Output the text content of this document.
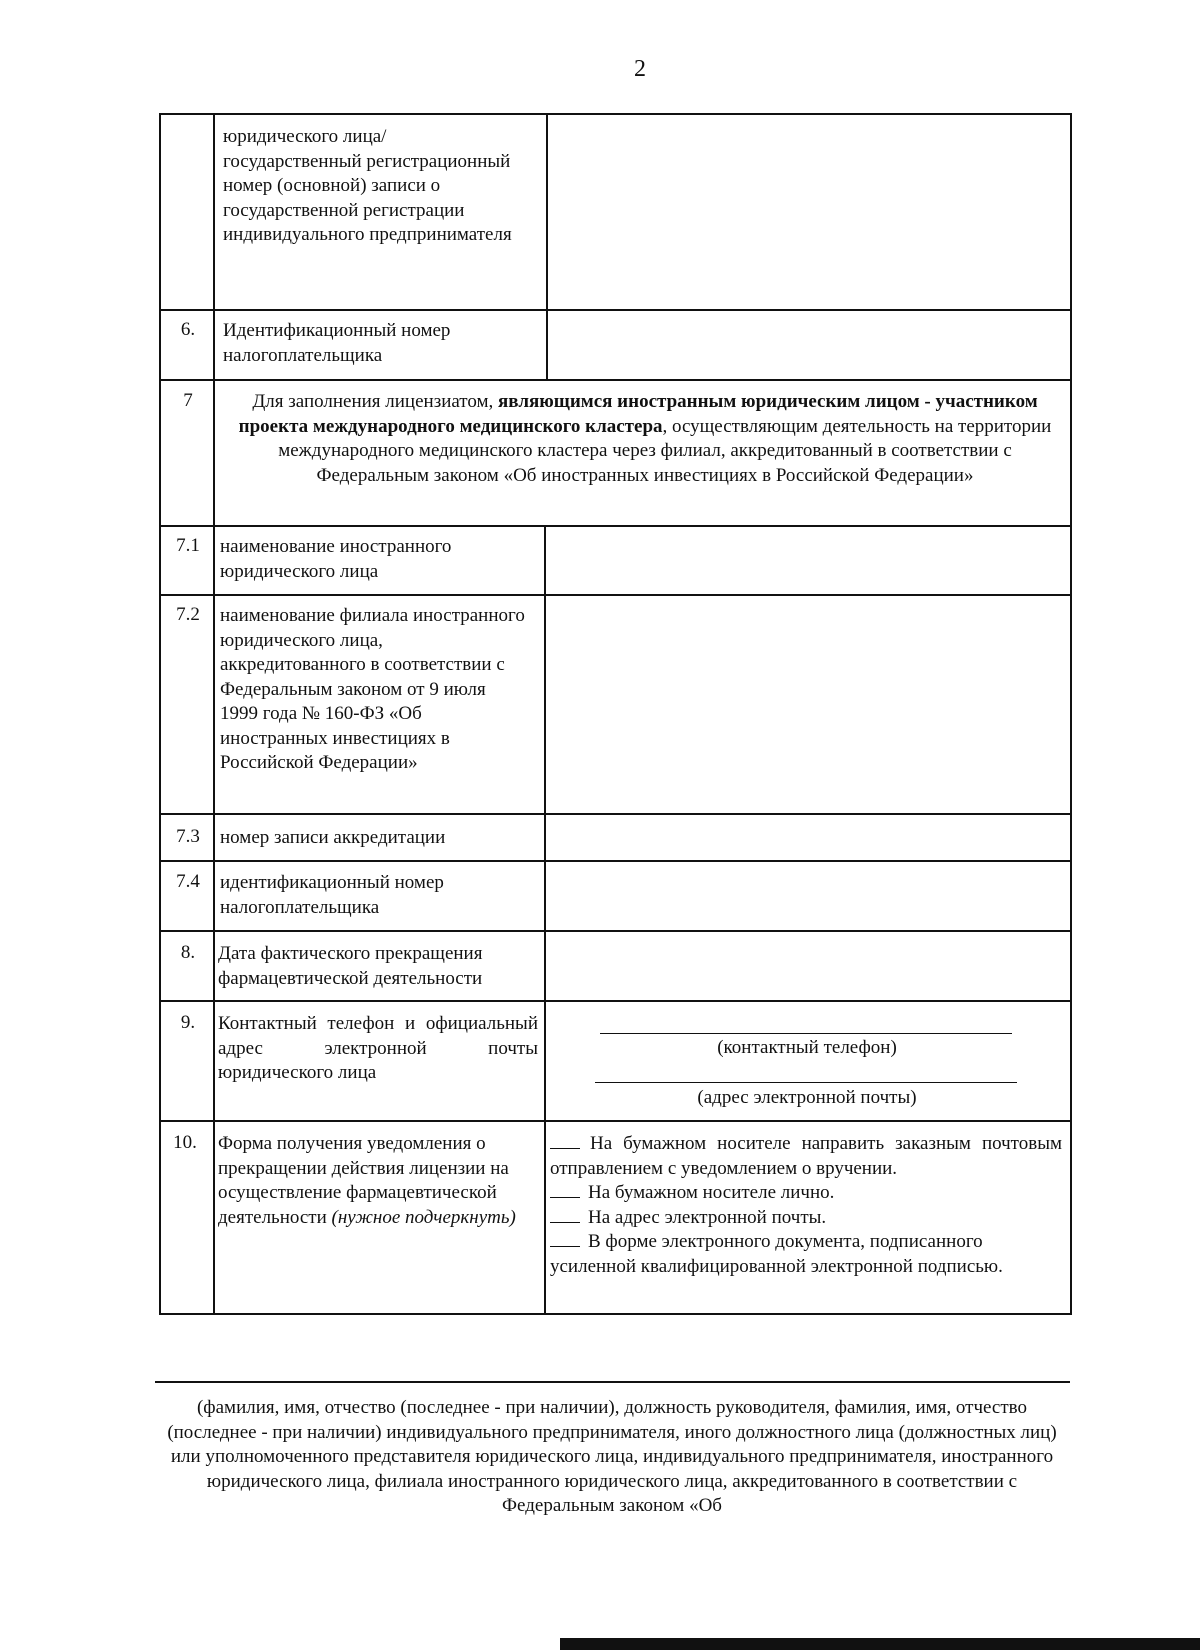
2
юридического лица/государственный регистрационный номер (основной) записи о государственной регистрации индивидуального предпринимателя
6.	Идентификационный номер налогоплательщика
7	Для заполнения лицензиатом, являющимся иностранным юридическим лицом - участником проекта международного медицинского кластера, осуществляющим деятельность на территории международного медицинского кластера через филиал, аккредитованный в соответствии с Федеральным законом «Об иностранных инвестициях в Российской Федерации»
7.1	наименование иностранного юридического лица
7.2	наименование филиала иностранного юридического лица, аккредитованного в соответствии с Федеральным законом от 9 июля 1999 года № 160-ФЗ «Об иностранных инвестициях в Российской Федерации»
7.3	номер записи аккредитации
7.4	идентификационный номер налогоплательщика
8.	Дата фактического прекращения фармацевтической деятельности
9.	Контактный телефон и официальный адрес электронной почты юридического лица
(контактный телефон)
(адрес электронной почты)
10.	Форма получения уведомления о прекращении действия лицензии на осуществление фармацевтической деятельности (нужное подчеркнуть)
На бумажном носителе направить заказным почтовым отправлением с уведомлением о вручении.
На бумажном носителе лично.
На адрес электронной почты.
В форме электронного документа, подписанного усиленной квалифицированной электронной подписью.
(фамилия, имя, отчество (последнее - при наличии), должность руководителя, фамилия, имя, отчество (последнее - при наличии) индивидуального предпринимателя, иного должностного лица (должностных лиц) или уполномоченного представителя юридического лица, индивидуального предпринимателя, иностранного юридического лица, филиала иностранного юридического лица, аккредитованного в соответствии с Федеральным законом «Об
